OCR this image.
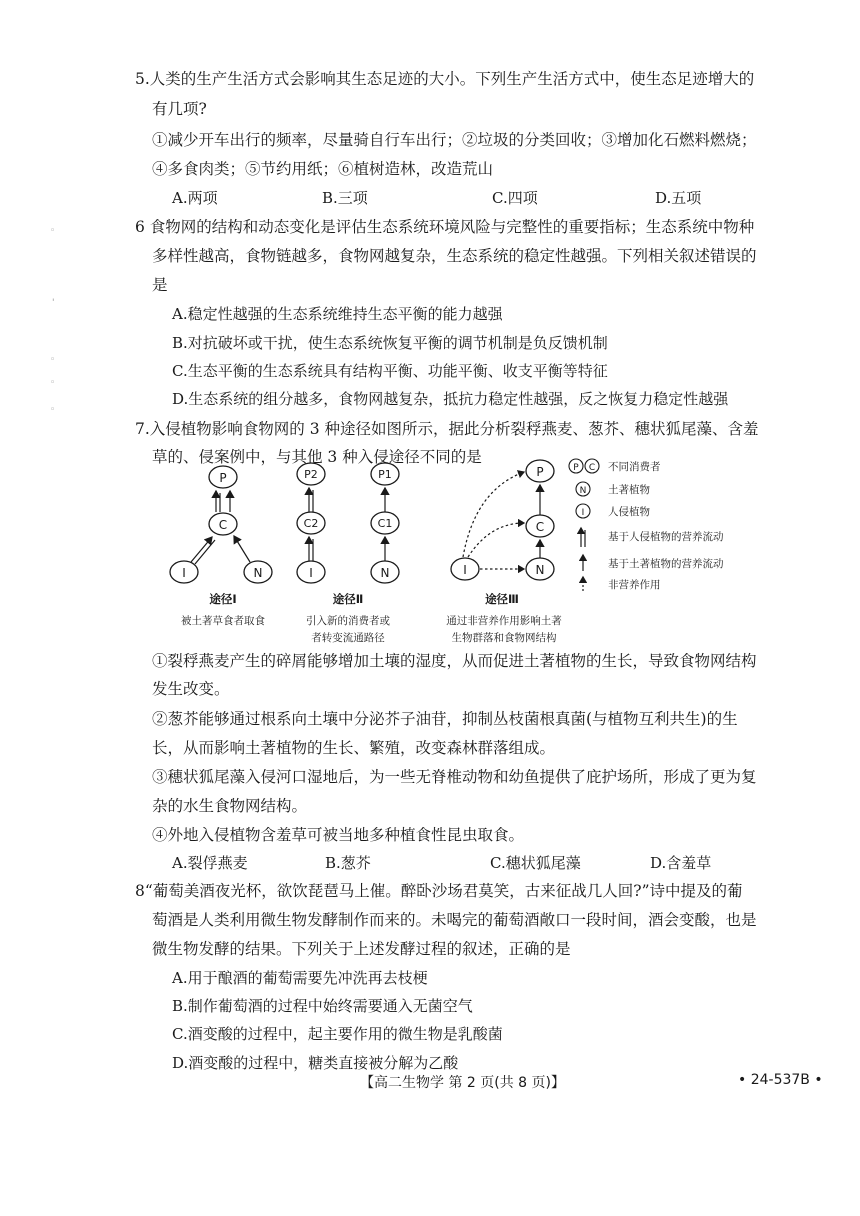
◦
'
◦
◦
◦
5.人类的生产生活方式会影响其生态足迹的大小。下列生产生活方式中，使生态足迹增大的
有几项?
①减少开车出行的频率，尽量骑自行车出行；②垃圾的分类回收；③增加化石燃料燃烧；
④多食肉类；⑤节约用纸；⑥植树造林，改造荒山
A.两项	B.三项	C.四项	D.五项
6 食物网的结构和动态变化是评估生态系统环境风险与完整性的重要指标；生态系统中物种
多样性越高，食物链越多，食物网越复杂，生态系统的稳定性越强。下列相关叙述错误的
是
A.稳定性越强的生态系统维持生态平衡的能力越强
B.对抗破坏或干扰，使生态系统恢复平衡的调节机制是负反馈机制
C.生态平衡的生态系统具有结构平衡、功能平衡、收支平衡等特征
D.生态系统的组分越多，食物网越复杂，抵抗力稳定性越强，反之恢复力稳定性越强
7.入侵植物影响食物网的 3 种途径如图所示，据此分析裂稃燕麦、葱芥、穗状狐尾藻、含羞
草的、侵案例中，与其他 3 种入侵途径不同的是
P
C
I	N
途径Ⅰ
被土著草食者取食
P2
C2
I
P1
C1
N
途径Ⅱ
引入新的消费者或
者转变流通路径
P
C
I	N
途径Ⅲ
通过非营养作用影响土著
生物群落和食物网结构
P C 不同消费者
N 土著植物
I 人侵植物
基于人侵植物的营养流动
基于土著植物的营养流动
非营养作用
①裂稃燕麦产生的碎屑能够增加土壤的湿度，从而促进土著植物的生长，导致食物网结构
发生改变。
②葱芥能够通过根系向土壤中分泌芥子油苷，抑制丛枝菌根真菌(与植物互利共生)的生
长，从而影响土著植物的生长、繁殖，改变森林群落组成。
③穗状狐尾藻入侵河口湿地后，为一些无脊椎动物和幼鱼提供了庇护场所，形成了更为复
杂的水生食物网结构。
④外地入侵植物含羞草可被当地多种植食性昆虫取食。
A.裂俘燕麦	B.葱芥	C.穗状狐尾藻	D.含羞草
8“葡萄美酒夜光杯，欲饮琵琶马上催。醉卧沙场君莫笑，古来征战几人回?”诗中提及的葡
萄酒是人类利用微生物发酵制作而来的。未喝完的葡萄酒敞口一段时间，酒会变酸，也是
微生物发酵的结果。下列关于上述发酵过程的叙述，正确的是
A.用于酿酒的葡萄需要先冲洗再去枝梗
B.制作葡萄酒的过程中始终需要通入无菌空气
C.酒变酸的过程中，起主要作用的微生物是乳酸菌
D.酒变酸的过程中，糖类直接被分解为乙酸
【高二生物学 第 2 页(共 8 页)】	• 24-537B •
